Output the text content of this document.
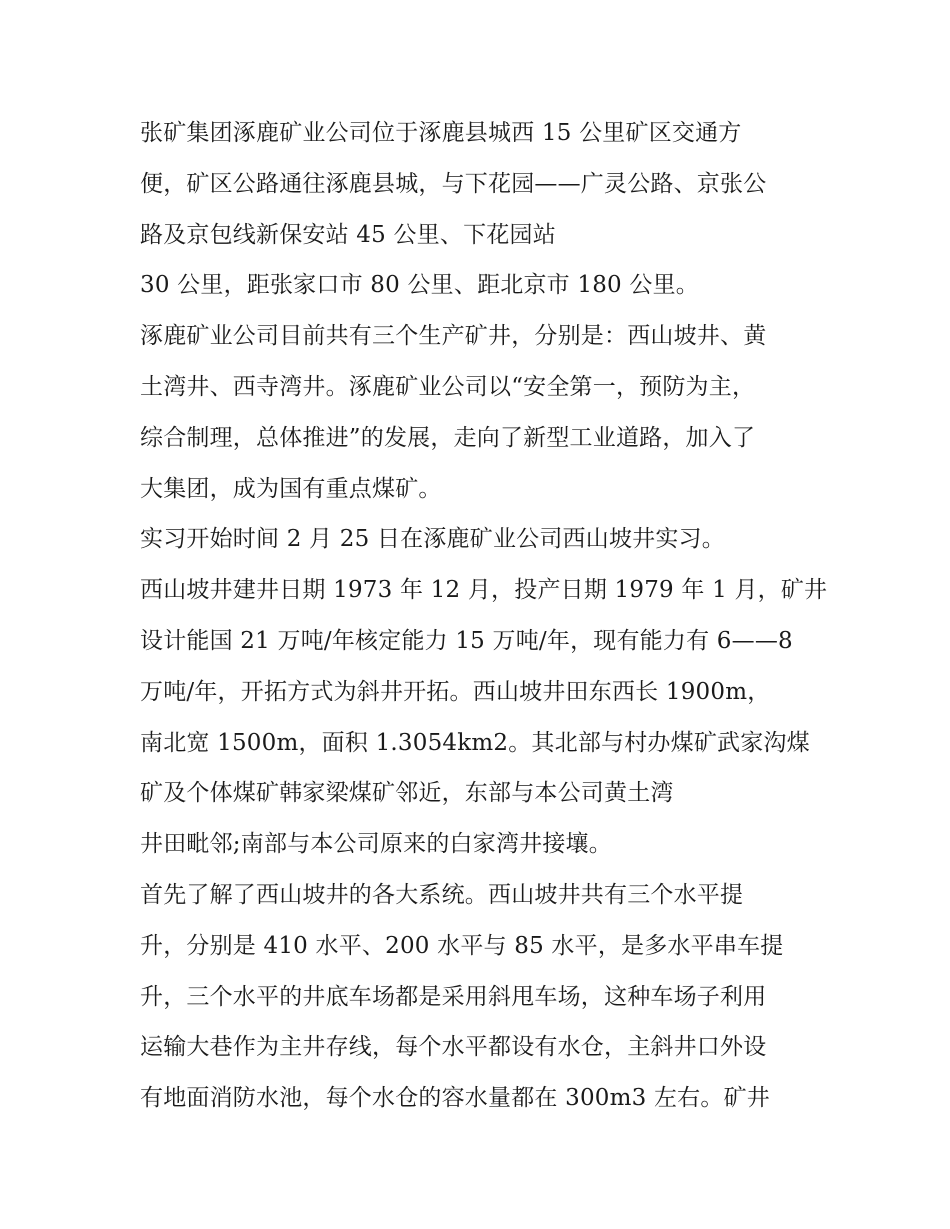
张矿集团涿鹿矿业公司位于涿鹿县城西 15 公里矿区交通方
便，矿区公路通往涿鹿县城，与下花园——广灵公路、京张公
路及京包线新保安站 45 公里、下花园站
30 公里，距张家口市 80 公里、距北京市 180 公里。
涿鹿矿业公司目前共有三个生产矿井，分别是：西山坡井、黄
土湾井、西寺湾井。涿鹿矿业公司以“安全第一，预防为主，
综合制理，总体推进”的发展，走向了新型工业道路，加入了
大集团，成为国有重点煤矿。
实习开始时间 2 月 25 日在涿鹿矿业公司西山坡井实习。
西山坡井建井日期 1973 年 12 月，投产日期 1979 年 1 月，矿井
设计能国 21 万吨/年核定能力 15 万吨/年，现有能力有 6——8
万吨/年，开拓方式为斜井开拓。西山坡井田东西长 1900m，
南北宽 1500m，面积 1.3054km2。其北部与村办煤矿武家沟煤
矿及个体煤矿韩家梁煤矿邻近，东部与本公司黄土湾
井田毗邻;南部与本公司原来的白家湾井接壤。
首先了解了西山坡井的各大系统。西山坡井共有三个水平提
升，分别是 410 水平、200 水平与 85 水平，是多水平串车提
升，三个水平的井底车场都是采用斜甩车场，这种车场子利用
运输大巷作为主井存线，每个水平都设有水仓，主斜井口外设
有地面消防水池，每个水仓的容水量都在 300m3 左右。矿井
